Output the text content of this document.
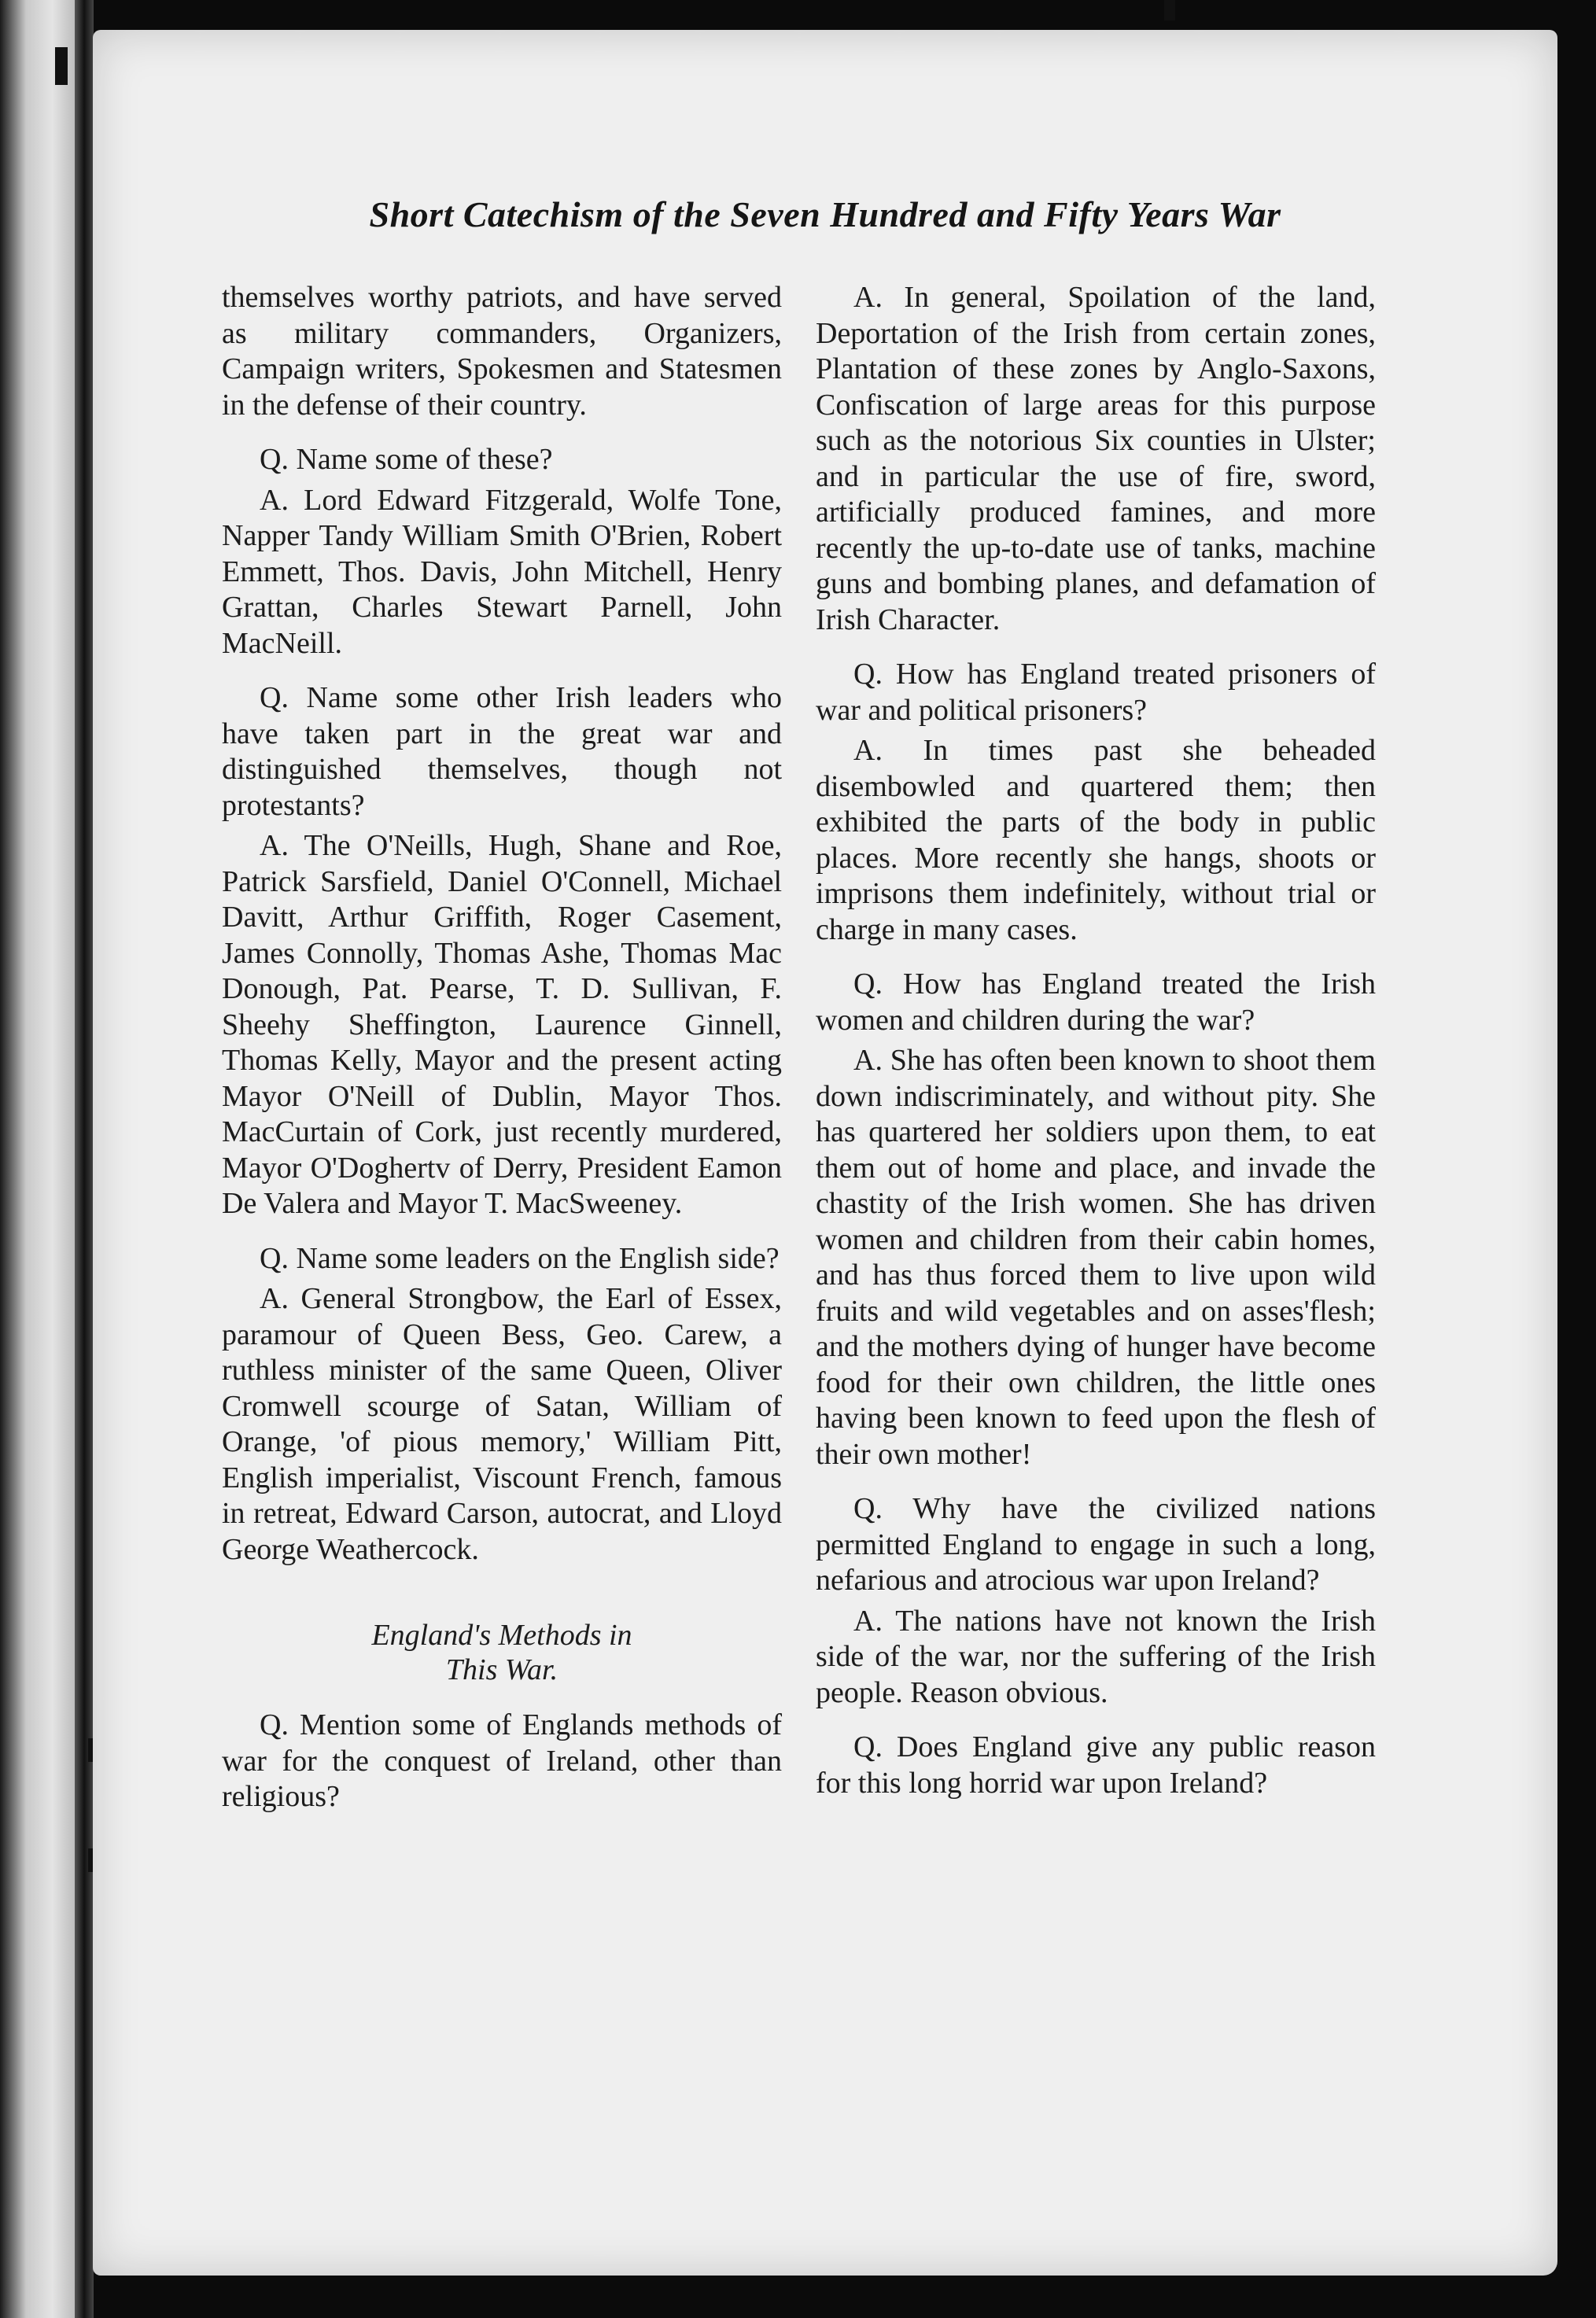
Short Catechism of the Seven Hundred and Fifty Years War

themselves worthy patriots, and have served as military commanders, Organizers, Campaign writers, Spokesmen and Statesmen in the defense of their country.

Q. Name some of these?

A. Lord Edward Fitzgerald, Wolfe Tone, Napper Tandy William Smith O'Brien, Robert Emmett, Thos. Davis, John Mitchell, Henry Grattan, Charles Stewart Parnell, John MacNeill.

Q. Name some other Irish leaders who have taken part in the great war and distinguished themselves, though not protestants?

A. The O'Neills, Hugh, Shane and Roe, Patrick Sarsfield, Daniel O'Connell, Michael Davitt, Arthur Griffith, Roger Casement, James Connolly, Thomas Ashe, Thomas Mac Donough, Pat. Pearse, T. D. Sullivan, F. Sheehy Sheffington, Laurence Ginnell, Thomas Kelly, Mayor and the present acting Mayor O'Neill of Dublin, Mayor Thos. MacCurtain of Cork, just recently murdered, Mayor O'Doghertv of Derry, President Eamon De Valera and Mayor T. MacSweeney.

Q. Name some leaders on the English side?

A. General Strongbow, the Earl of Essex, paramour of Queen Bess, Geo. Carew, a ruthless minister of the same Queen, Oliver Cromwell scourge of Satan, William of Orange, 'of pious memory,' William Pitt, English imperialist, Viscount French, famous in retreat, Edward Carson, autocrat, and Lloyd George Weathercock.

England's Methods in
This War.

Q. Mention some of Englands methods of war for the conquest of Ireland, other than religious?

A. In general, Spoilation of the land, Deportation of the Irish from certain zones, Plantation of these zones by Anglo-Saxons, Confiscation of large areas for this purpose such as the notorious Six counties in Ulster; and in particular the use of fire, sword, artificially produced famines, and more recently the up-to-date use of tanks, machine guns and bombing planes, and defamation of Irish Character.

Q. How has England treated prisoners of war and political prisoners?

A. In times past she beheaded disembowled and quartered them; then exhibited the parts of the body in public places. More recently she hangs, shoots or imprisons them indefinitely, without trial or charge in many cases.

Q. How has England treated the Irish women and children during the war?

A. She has often been known to shoot them down indiscriminately, and without pity. She has quartered her soldiers upon them, to eat them out of home and place, and invade the chastity of the Irish women. She has driven women and children from their cabin homes, and has thus forced them to live upon wild fruits and wild vegetables and on asses'flesh; and the mothers dying of hunger have become food for their own children, the little ones having been known to feed upon the flesh of their own mother!

Q. Why have the civilized nations permitted England to engage in such a long, nefarious and atrocious war upon Ireland?

A. The nations have not known the Irish side of the war, nor the suffering of the Irish people. Reason obvious.

Q. Does England give any public reason for this long horrid war upon Ireland?
